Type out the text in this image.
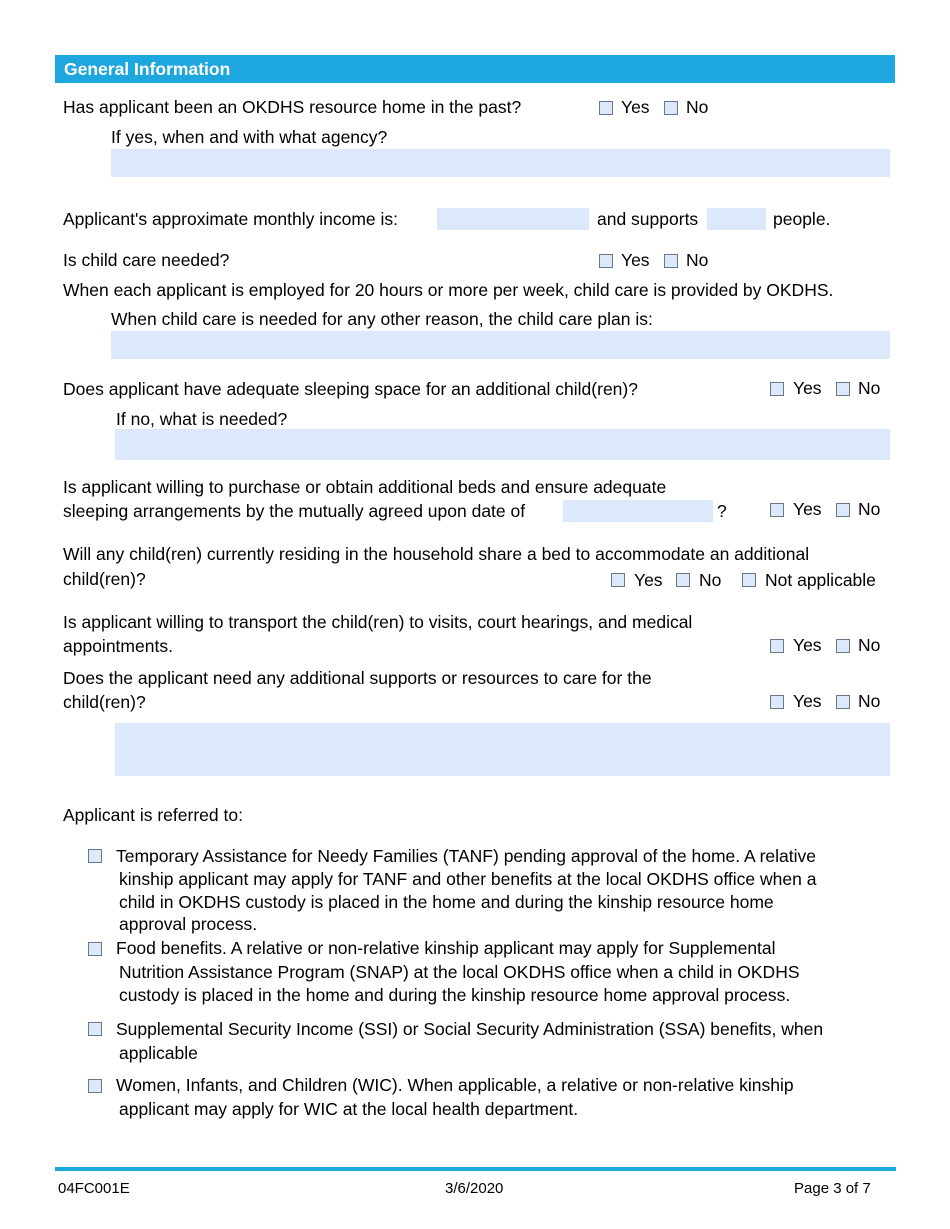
General Information
Has applicant been an OKDHS resource home in the past?	Yes No
If yes, when and with what agency?
Applicant's approximate monthly income is:	and supports	people.
Is child care needed?	Yes No
When each applicant is employed for 20 hours or more per week, child care is provided by OKDHS.
When child care is needed for any other reason, the child care plan is:
Does applicant have adequate sleeping space for an additional child(ren)?	Yes No
If no, what is needed?
Is applicant willing to purchase or obtain additional beds and ensure adequate
sleeping arrangements by the mutually agreed upon date of	?	Yes No
Will any child(ren) currently residing in the household share a bed to accommodate an additional
child(ren)?	Yes No Not applicable
Is applicant willing to transport the child(ren) to visits, court hearings, and medical
appointments.	Yes No
Does the applicant need any additional supports or resources to care for the
child(ren)?	Yes No
Applicant is referred to:
Temporary Assistance for Needy Families (TANF) pending approval of the home. A relative
kinship applicant may apply for TANF and other benefits at the local OKDHS office when a
child in OKDHS custody is placed in the home and during the kinship resource home
approval process.
Food benefits. A relative or non-relative kinship applicant may apply for Supplemental
Nutrition Assistance Program (SNAP) at the local OKDHS office when a child in OKDHS
custody is placed in the home and during the kinship resource home approval process.
Supplemental Security Income (SSI) or Social Security Administration (SSA) benefits, when
applicable
Women, Infants, and Children (WIC). When applicable, a relative or non-relative kinship
applicant may apply for WIC at the local health department.
04FC001E	3/6/2020	Page 3 of 7
